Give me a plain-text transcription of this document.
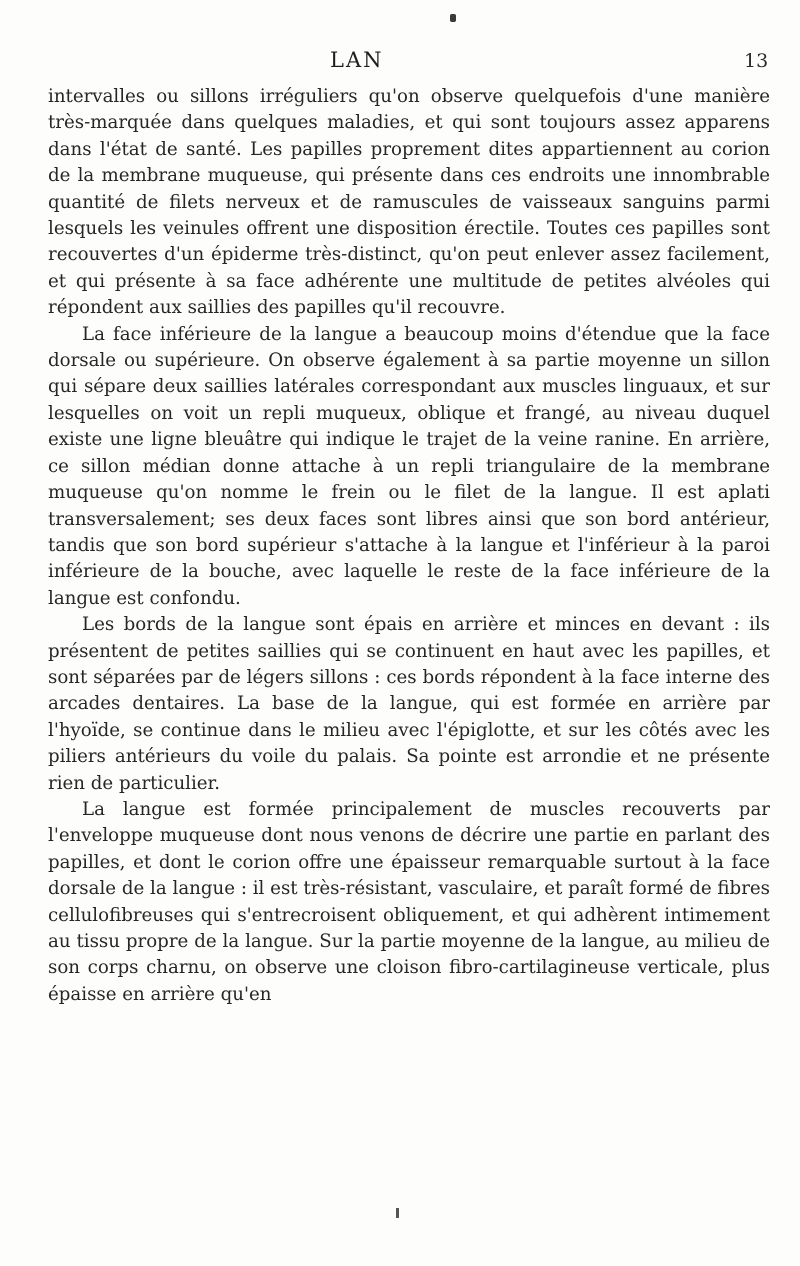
LAN	13

intervalles ou sillons irréguliers qu'on observe quelquefois d'une manière très-marquée dans quelques maladies, et qui sont toujours assez apparens dans l'état de santé. Les papilles proprement dites appartiennent au corion de la membrane muqueuse, qui présente dans ces endroits une innombrable quantité de filets nerveux et de ramuscules de vaisseaux sanguins parmi lesquels les veinules offrent une disposition érectile. Toutes ces papilles sont recouvertes d'un épiderme très-distinct, qu'on peut enlever assez facilement, et qui présente à sa face adhérente une multitude de petites alvéoles qui répondent aux saillies des papilles qu'il recouvre.

La face inférieure de la langue a beaucoup moins d'étendue que la face dorsale ou supérieure. On observe également à sa partie moyenne un sillon qui sépare deux saillies latérales correspondant aux muscles linguaux, et sur lesquelles on voit un repli muqueux, oblique et frangé, au niveau duquel existe une ligne bleuâtre qui indique le trajet de la veine ranine. En arrière, ce sillon médian donne attache à un repli triangulaire de la membrane muqueuse qu'on nomme le frein ou le filet de la langue. Il est aplati transversalement; ses deux faces sont libres ainsi que son bord antérieur, tandis que son bord supérieur s'attache à la langue et l'inférieur à la paroi inférieure de la bouche, avec laquelle le reste de la face inférieure de la langue est confondu.

Les bords de la langue sont épais en arrière et minces en devant : ils présentent de petites saillies qui se continuent en haut avec les papilles, et sont séparées par de légers sillons : ces bords répondent à la face interne des arcades dentaires. La base de la langue, qui est formée en arrière par l'hyoïde, se continue dans le milieu avec l'épiglotte, et sur les côtés avec les piliers antérieurs du voile du palais. Sa pointe est arrondie et ne présente rien de particulier.

La langue est formée principalement de muscles recouverts par l'enveloppe muqueuse dont nous venons de décrire une partie en parlant des papilles, et dont le corion offre une épaisseur remarquable surtout à la face dorsale de la langue : il est très-résistant, vasculaire, et paraît formé de fibres cellulofibreuses qui s'entrecroisent obliquement, et qui adhèrent intimement au tissu propre de la langue. Sur la partie moyenne de la langue, au milieu de son corps charnu, on observe une cloison fibro-cartilagineuse verticale, plus épaisse en arrière qu'en
